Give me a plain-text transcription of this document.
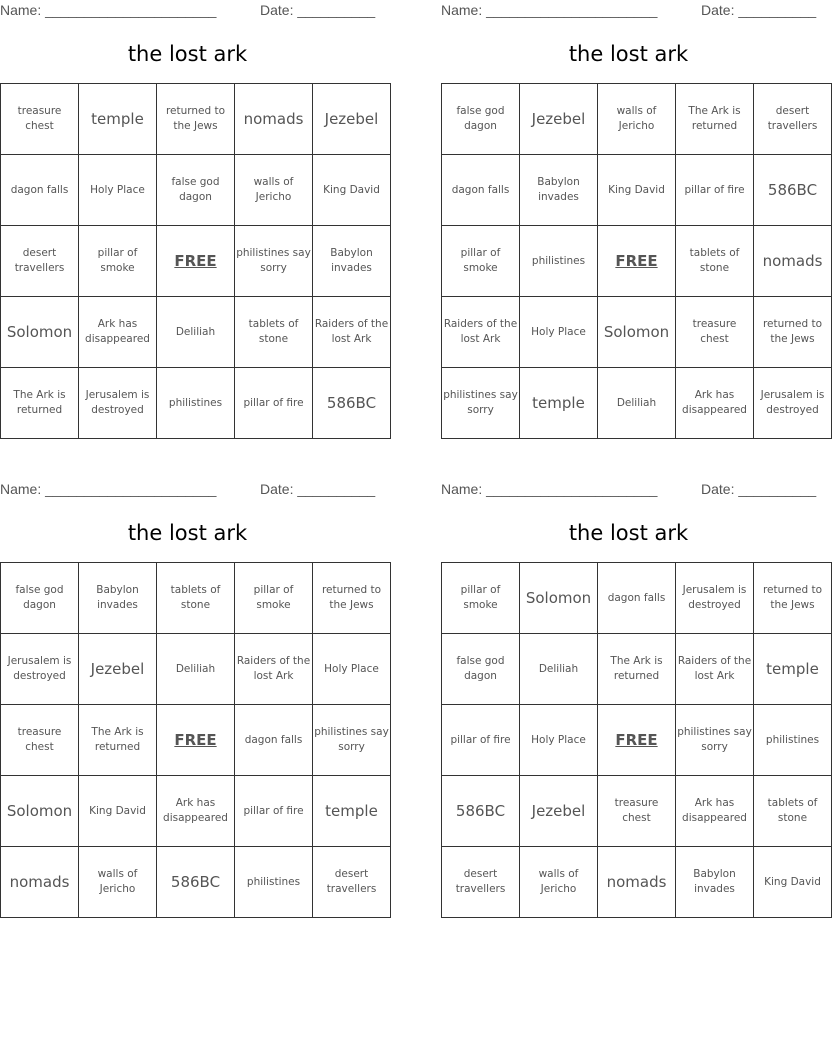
Name: ______________________	Date: __________
the lost ark
treasure chest	temple	returned to the Jews	nomads	Jezebel
dagon falls	Holy Place	false god dagon	walls of Jericho	King David
desert travellers	pillar of smoke	FREE	philistines say sorry	Babylon invades
Solomon	Ark has disappeared	Deliliah	tablets of stone	Raiders of the lost Ark
The Ark is returned	Jerusalem is destroyed	philistines	pillar of fire	586BC
Name: ______________________	Date: __________
the lost ark
false god dagon	Jezebel	walls of Jericho	The Ark is returned	desert travellers
dagon falls	Babylon invades	King David	pillar of fire	586BC
pillar of smoke	philistines	FREE	tablets of stone	nomads
Raiders of the lost Ark	Holy Place	Solomon	treasure chest	returned to the Jews
philistines say sorry	temple	Deliliah	Ark has disappeared	Jerusalem is destroyed
Name: ______________________	Date: __________
the lost ark
false god dagon	Babylon invades	tablets of stone	pillar of smoke	returned to the Jews
Jerusalem is destroyed	Jezebel	Deliliah	Raiders of the lost Ark	Holy Place
treasure chest	The Ark is returned	FREE	dagon falls	philistines say sorry
Solomon	King David	Ark has disappeared	pillar of fire	temple
nomads	walls of Jericho	586BC	philistines	desert travellers
Name: ______________________	Date: __________
the lost ark
pillar of smoke	Solomon	dagon falls	Jerusalem is destroyed	returned to the Jews
false god dagon	Deliliah	The Ark is returned	Raiders of the lost Ark	temple
pillar of fire	Holy Place	FREE	philistines say sorry	philistines
586BC	Jezebel	treasure chest	Ark has disappeared	tablets of stone
desert travellers	walls of Jericho	nomads	Babylon invades	King David
